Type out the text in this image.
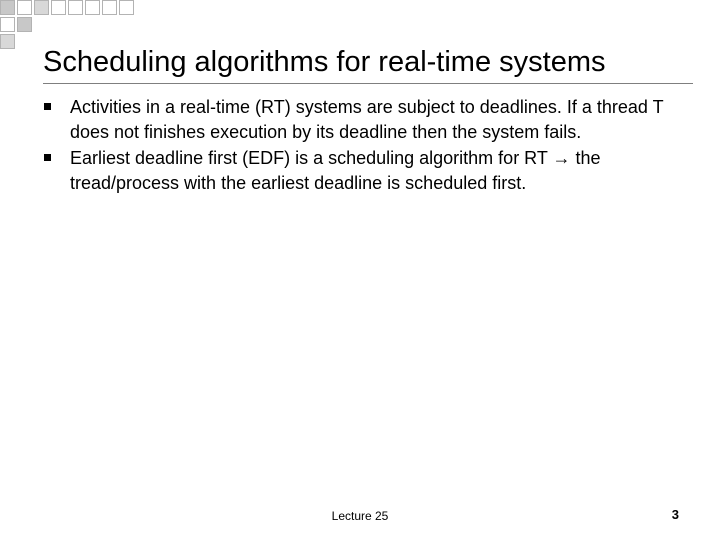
Scheduling algorithms for real-time systems
Activities in a real-time (RT) systems are subject to deadlines. If a thread T does not finishes execution by its deadline then the system fails.
Earliest deadline first (EDF) is a scheduling algorithm for RT → the tread/process with the earliest deadline is scheduled first.
Lecture 25	3
